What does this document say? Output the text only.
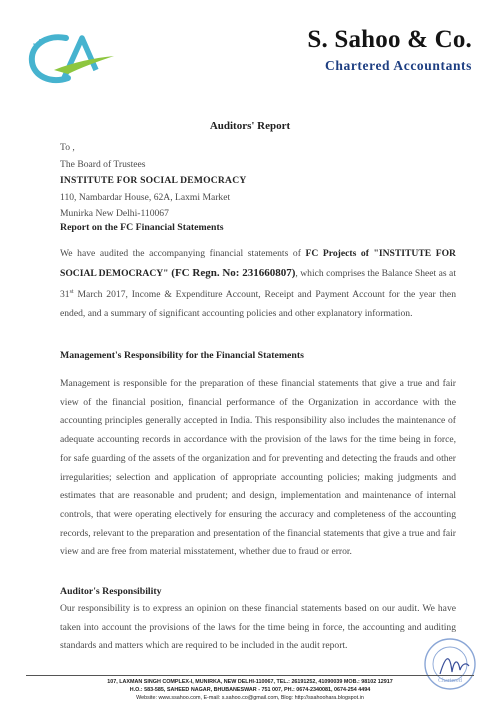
S. Sahoo & Co.
Chartered Accountants
Auditors' Report
To ,
The Board of Trustees
INSTITUTE FOR SOCIAL DEMOCRACY
110, Nambardar House, 62A, Laxmi Market
Munirka New Delhi-110067
Report on the FC Financial Statements

We have audited the accompanying financial statements of FC Projects of "INSTITUTE FOR SOCIAL DEMOCRACY" (FC Regn. No: 231660807), which comprises the Balance Sheet as at 31st March 2017, Income & Expenditure Account, Receipt and Payment Account for the year then ended, and a summary of significant accounting policies and other explanatory information.

Management's Responsibility for the Financial Statements

Management is responsible for the preparation of these financial statements that give a true and fair view of the financial position, financial performance of the Organization in accordance with the accounting principles generally accepted in India. This responsibility also includes the maintenance of adequate accounting records in accordance with the provision of the laws for the time being in force, for safe guarding of the assets of the organization and for preventing and detecting the frauds and other irregularities; selection and application of appropriate accounting policies; making judgments and estimates that are reasonable and prudent; and design, implementation and maintenance of internal controls, that were operating electively for ensuring the accuracy and completeness of the accounting records, relevant to the preparation and presentation of the financial statements that give a true and fair view and are free from material misstatement, whether due to fraud or error.

Auditor's Responsibility

Our responsibility is to express an opinion on these financial statements based on our audit. We have taken into account the provisions of the laws for the time being in force, the accounting and auditing standards and matters which are required to be included in the audit report.

Chartered
107, LAXMAN SINGH COMPLEX-I, MUNIRKA, NEW DELHI-110067, TEL.: 26191252, 41090039 MOB.: 98102 12917
H.O.: 583-585, SAHEED NAGAR, BHUBANESWAR - 751 007, PH.: 0674-2340081, 0674-254 4494
Website: www.ssahoo.com, E-mail: s.sahoo.co@gmail.com, Blog: http://ssahoohara.blogspot.in
